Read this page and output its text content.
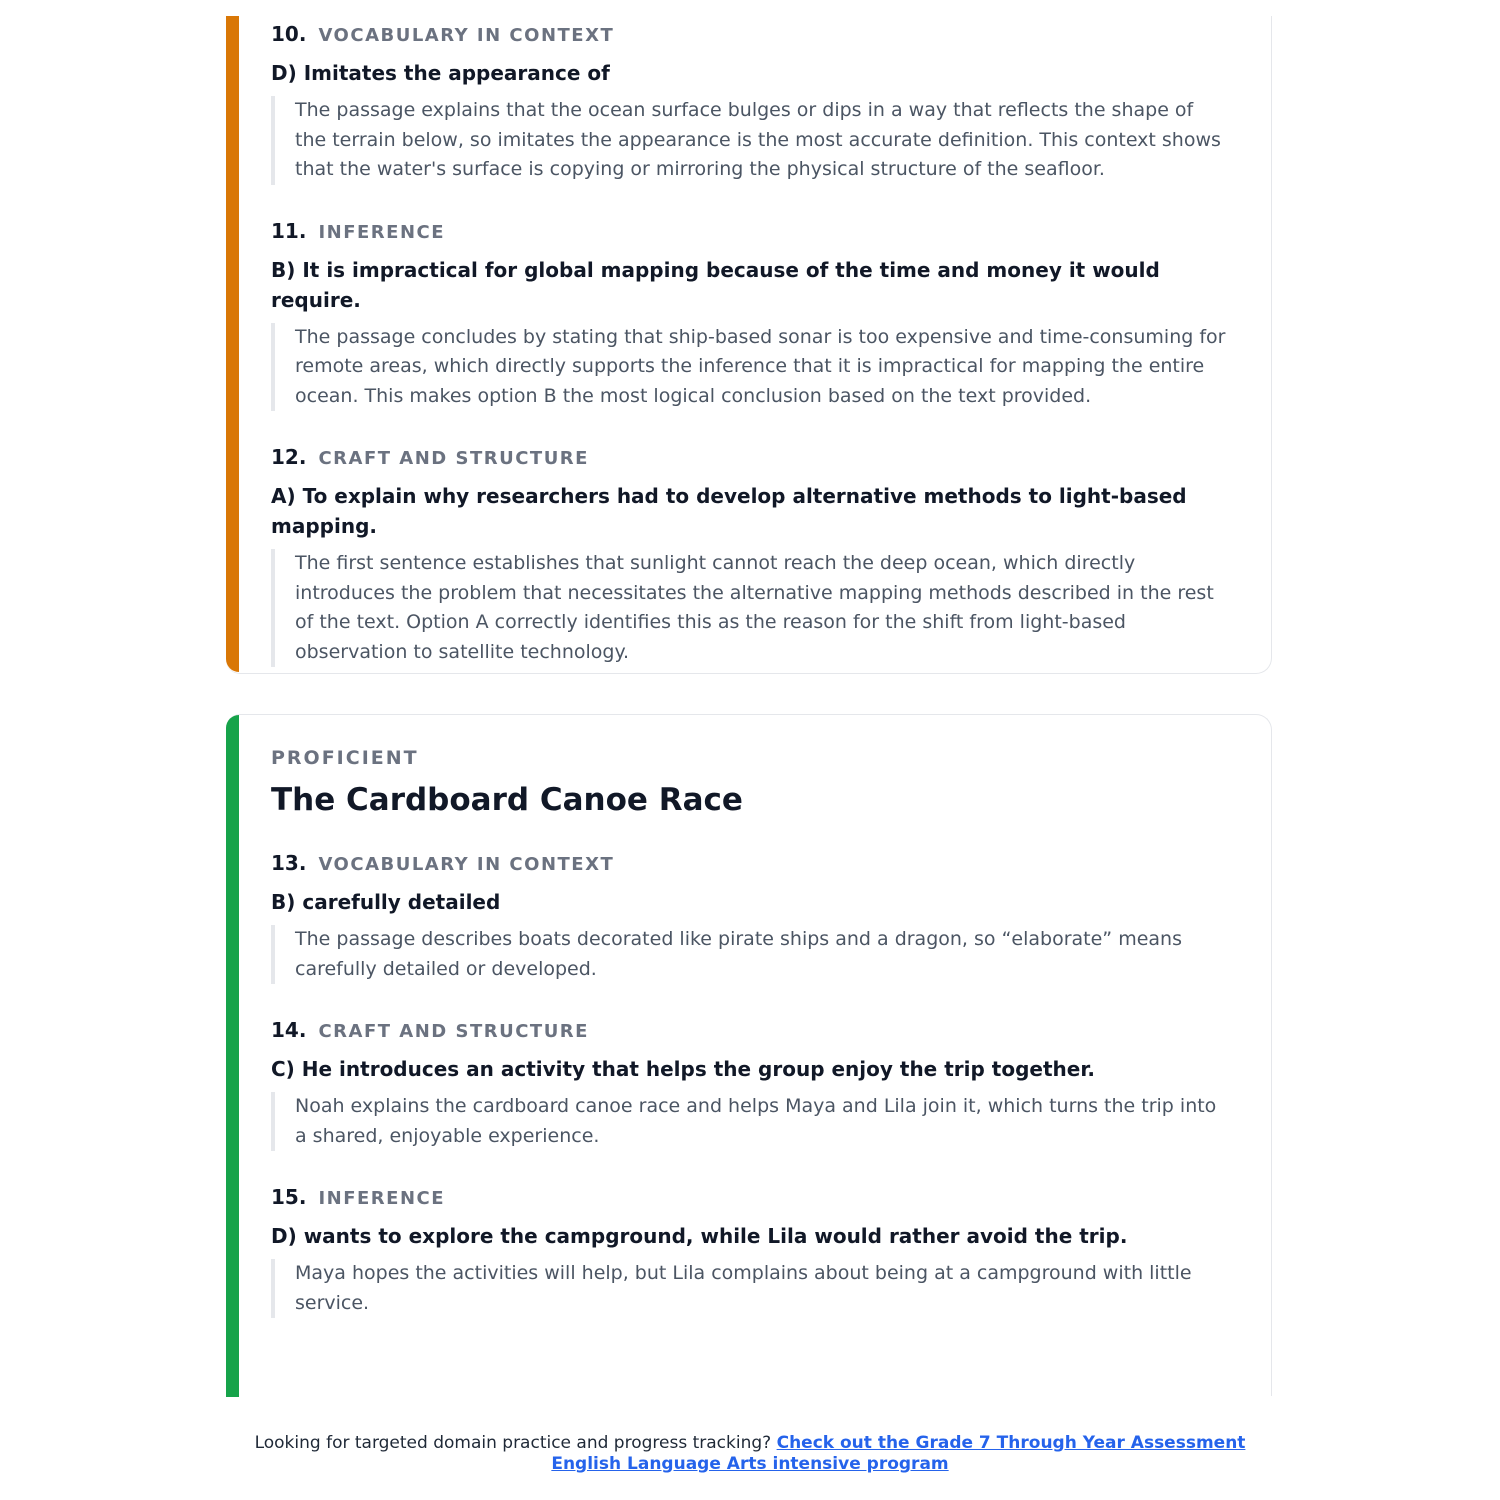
10. VOCABULARY IN CONTEXT
D) Imitates the appearance of
The passage explains that the ocean surface bulges or dips in a way that reflects the shape of the terrain below, so imitates the appearance is the most accurate definition. This context shows that the water's surface is copying or mirroring the physical structure of the seafloor.
11. INFERENCE
B) It is impractical for global mapping because of the time and money it would require.
The passage concludes by stating that ship-based sonar is too expensive and time-consuming for remote areas, which directly supports the inference that it is impractical for mapping the entire ocean. This makes option B the most logical conclusion based on the text provided.
12. CRAFT AND STRUCTURE
A) To explain why researchers had to develop alternative methods to light-based mapping.
The first sentence establishes that sunlight cannot reach the deep ocean, which directly introduces the problem that necessitates the alternative mapping methods described in the rest of the text. Option A correctly identifies this as the reason for the shift from light-based observation to satellite technology.
PROFICIENT
The Cardboard Canoe Race
13. VOCABULARY IN CONTEXT
B) carefully detailed
The passage describes boats decorated like pirate ships and a dragon, so “elaborate” means carefully detailed or developed.
14. CRAFT AND STRUCTURE
C) He introduces an activity that helps the group enjoy the trip together.
Noah explains the cardboard canoe race and helps Maya and Lila join it, which turns the trip into a shared, enjoyable experience.
15. INFERENCE
D) wants to explore the campground, while Lila would rather avoid the trip.
Maya hopes the activities will help, but Lila complains about being at a campground with little service.
Looking for targeted domain practice and progress tracking? Check out the Grade 7 Through Year Assessment English Language Arts intensive program
